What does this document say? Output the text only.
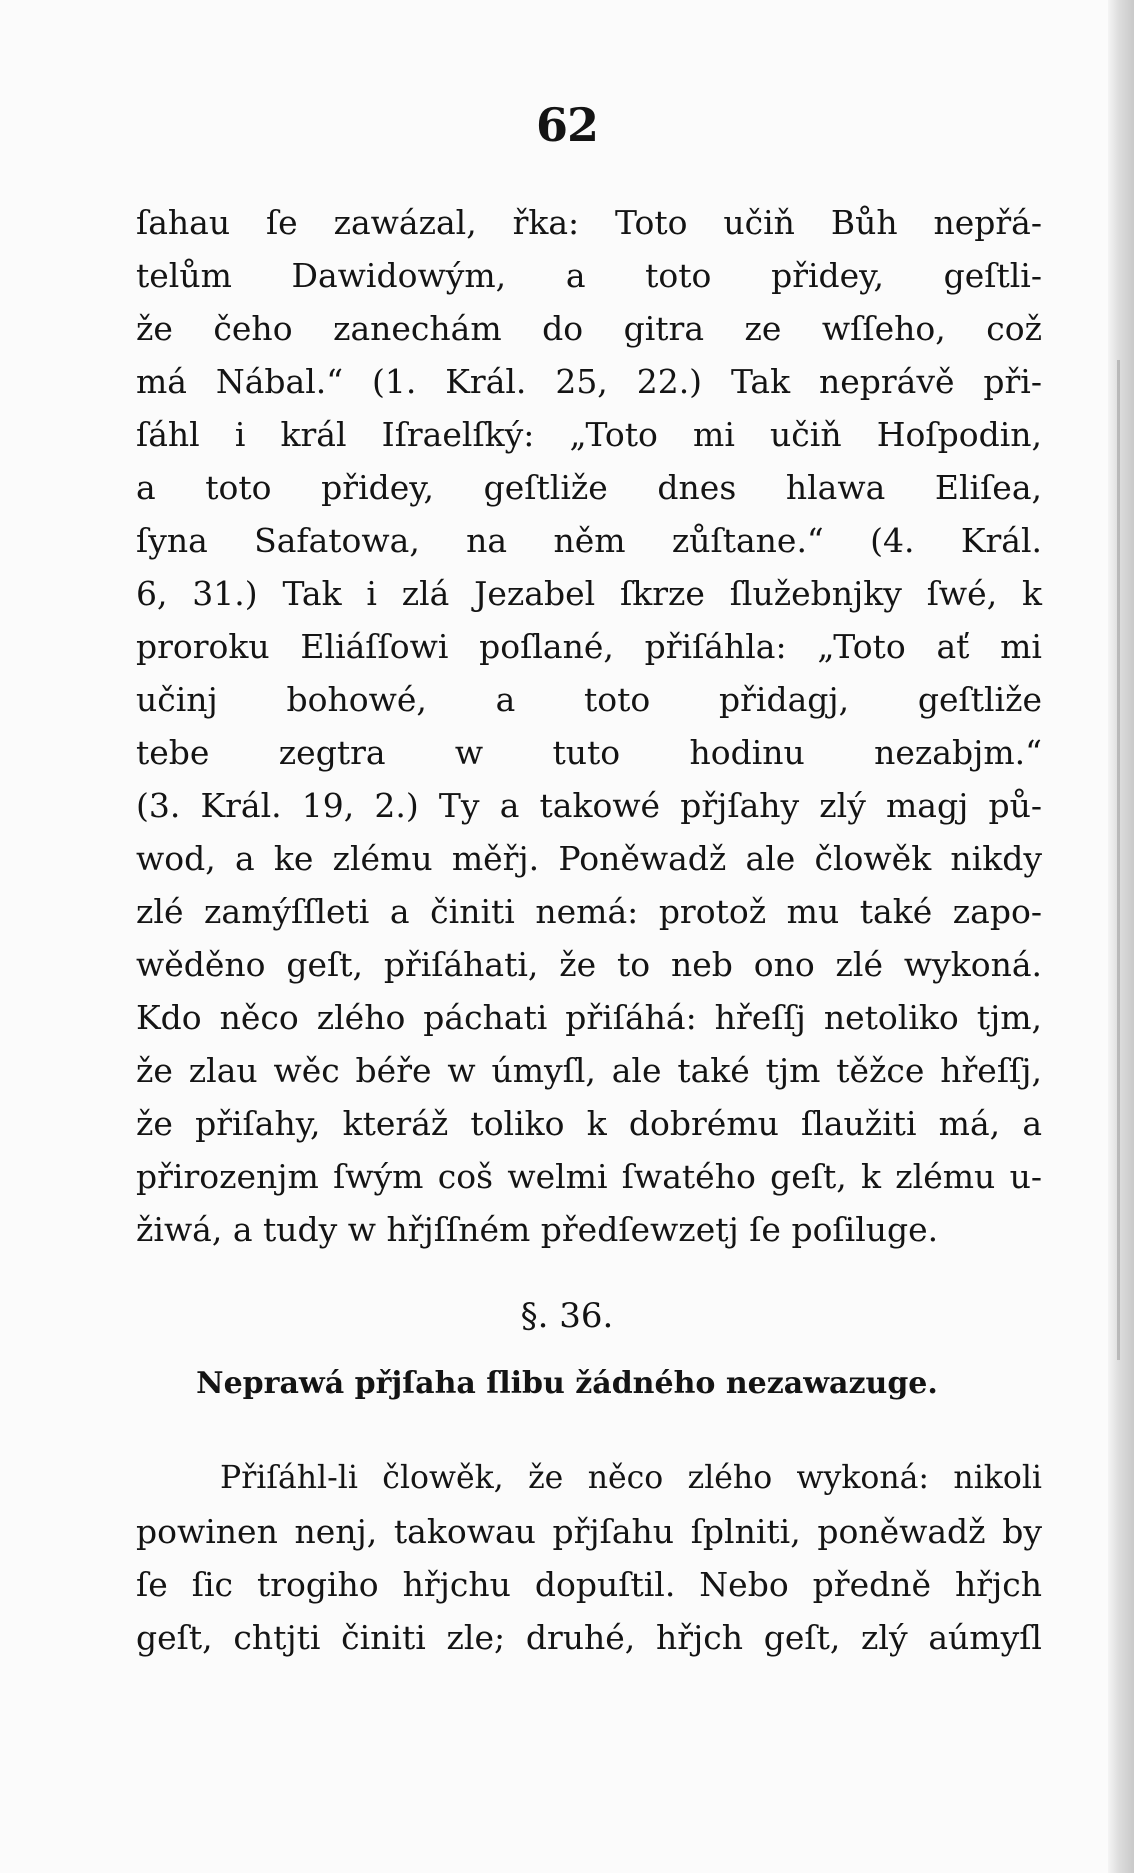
62
ſahau ſe zawázal, řka: Toto učiň Bůh nepřá-
telům Dawidowým, a toto přidey, geſtli-
že čeho zanechám do gitra ze wſſeho, což
má Nábal.“ (1. Král. 25, 22.) Tak neprávě při-
ſáhl i král Iſraelſký: „Toto mi učiň Hoſpodin,
a toto přidey, geſtliže dnes hlawa Eliſea,
ſyna Safatowa, na něm zůſtane.“ (4. Král.
6, 31.) Tak i zlá Jezabel ſkrze ſlužebnjky ſwé, k
proroku Eliáſſowi poſlané, přiſáhla: „Toto ať mi
učinj bohowé, a toto přidagj, geſtliže
tebe zegtra w tuto hodinu nezabjm.“
(3. Král. 19, 2.) Ty a takowé přjſahy zlý magj pů-
wod, a ke zlému měřj. Poněwadž ale člowěk nikdy
zlé zamýſſleti a činiti nemá: protož mu také zapo-
wěděno geſt, přiſáhati, že to neb ono zlé wykoná.
Kdo něco zlého páchati přiſáhá: hřeſſj netoliko tjm,
že zlau wěc béře w úmyſl, ale také tjm těžce hřeſſj,
že přiſahy, kteráž toliko k dobrému ſlaužiti má, a
přirozenjm ſwým coš welmi ſwatého geſt, k zlému u-
žiwá, a tudy w hřjſſném předſewzetj ſe poſiluge.
§. 36.
Neprawá přjſaha ſlibu žádného nezawazuge.
Přiſáhl-li člowěk, že něco zlého wykoná: nikoli
powinen nenj, takowau přjſahu ſplniti, poněwadž by
ſe ſic trogiho hřjchu dopuſtil. Nebo předně hřjch
geſt, chtjti činiti zle; druhé, hřjch geſt, zlý aúmyſl
